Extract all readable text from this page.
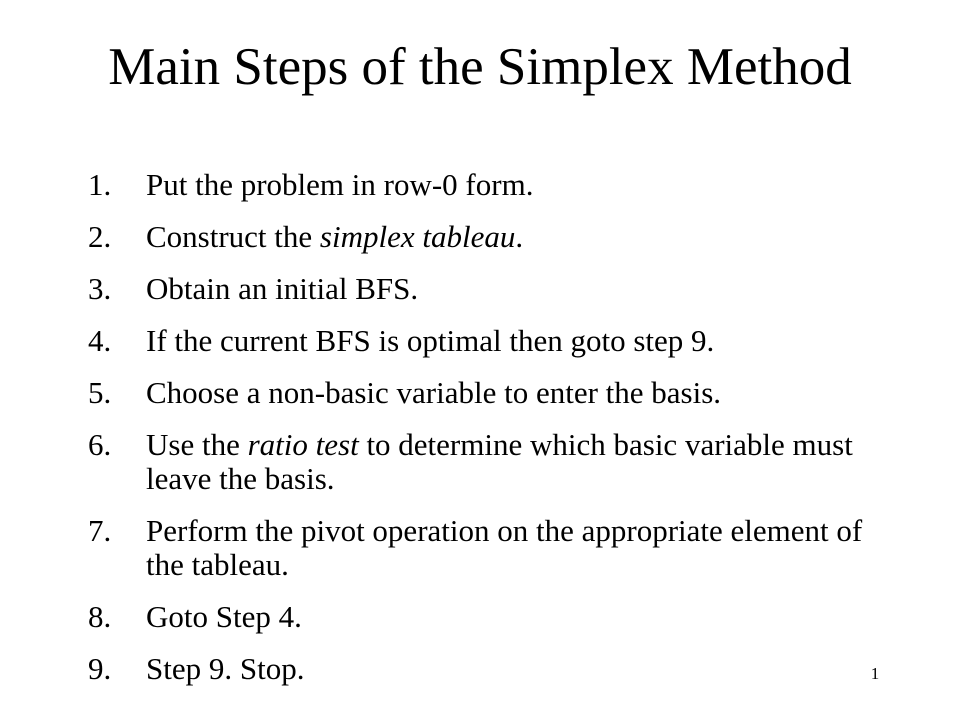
Main Steps of the Simplex Method
1.	Put the problem in row-0 form.
2.	Construct the simplex tableau.
3.	Obtain an initial BFS.
4.	If the current BFS is optimal then goto step 9.
5.	Choose a non-basic variable to enter the basis.
6.	Use the ratio test to determine which basic variable must leave the basis.
7.	Perform the pivot operation on the appropriate element of the tableau.
8.	Goto Step 4.
9.	Step 9. Stop.	1
